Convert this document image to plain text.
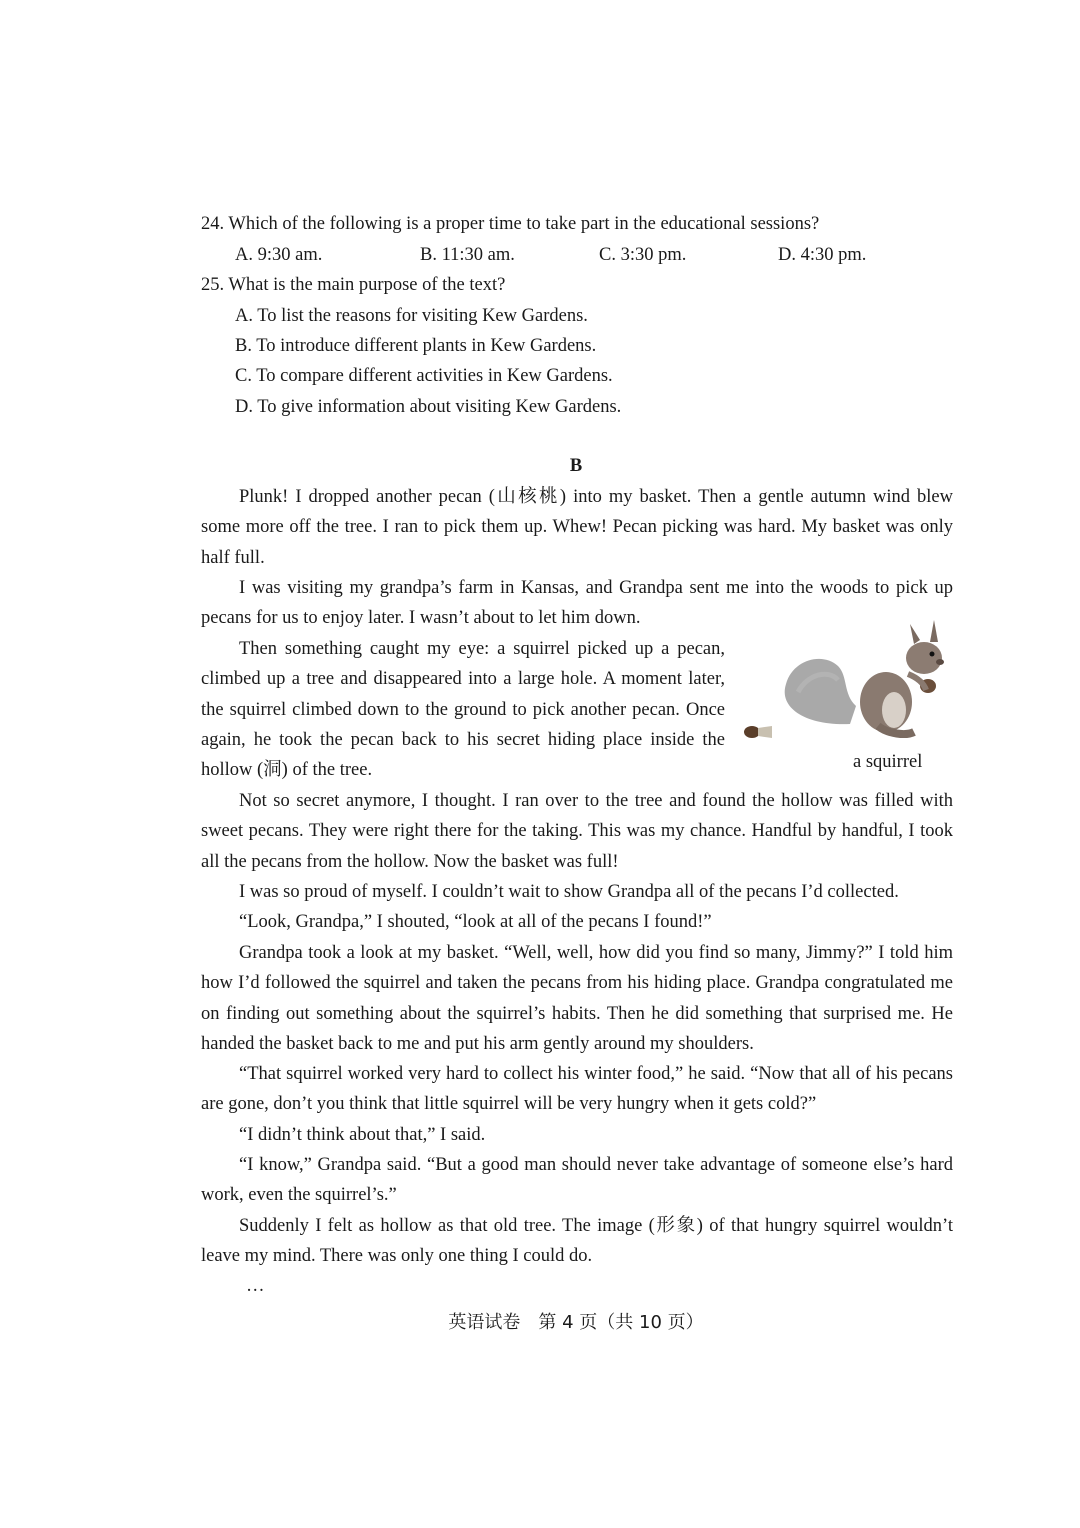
24. Which of the following is a proper time to take part in the educational sessions?
A. 9:30 am.	B. 11:30 am.	C. 3:30 pm.	D. 4:30 pm.
25. What is the main purpose of the text?
A. To list the reasons for visiting Kew Gardens.
B. To introduce different plants in Kew Gardens.
C. To compare different activities in Kew Gardens.
D. To give information about visiting Kew Gardens.
B

Plunk! I dropped another pecan (山核桃) into my basket. Then a gentle autumn wind blew some more off the tree. I ran to pick them up. Whew! Pecan picking was hard. My basket was only half full.

I was visiting my grandpa’s farm in Kansas, and Grandpa sent me into the woods to pick up pecans for us to enjoy later. I wasn’t about to let him down.

Then something caught my eye: a squirrel picked up a pecan, climbed up a tree and disappeared into a large hole. A moment later, the squirrel climbed down to the ground to pick another pecan. Once again, he took the pecan back to his secret hiding place inside the hollow (洞) of the tree.	a squirrel

Not so secret anymore, I thought. I ran over to the tree and found the hollow was filled with sweet pecans. They were right there for the taking. This was my chance. Handful by handful, I took all the pecans from the hollow. Now the basket was full!

I was so proud of myself. I couldn’t wait to show Grandpa all of the pecans I’d collected.

“Look, Grandpa,” I shouted, “look at all of the pecans I found!”

Grandpa took a look at my basket. “Well, well, how did you find so many, Jimmy?” I told him how I’d followed the squirrel and taken the pecans from his hiding place. Grandpa congratulated me on finding out something about the squirrel’s habits. Then he did something that surprised me. He handed the basket back to me and put his arm gently around my shoulders.

“That squirrel worked very hard to collect his winter food,” he said. “Now that all of his pecans are gone, don’t you think that little squirrel will be very hungry when it gets cold?”

“I didn’t think about that,” I said.

“I know,” Grandpa said. “But a good man should never take advantage of someone else’s hard work, even the squirrel’s.”

Suddenly I felt as hollow as that old tree. The image (形象) of that hungry squirrel wouldn’t leave my mind. There was only one thing I could do.

…
英语试卷　第 4 页（共 10 页）
